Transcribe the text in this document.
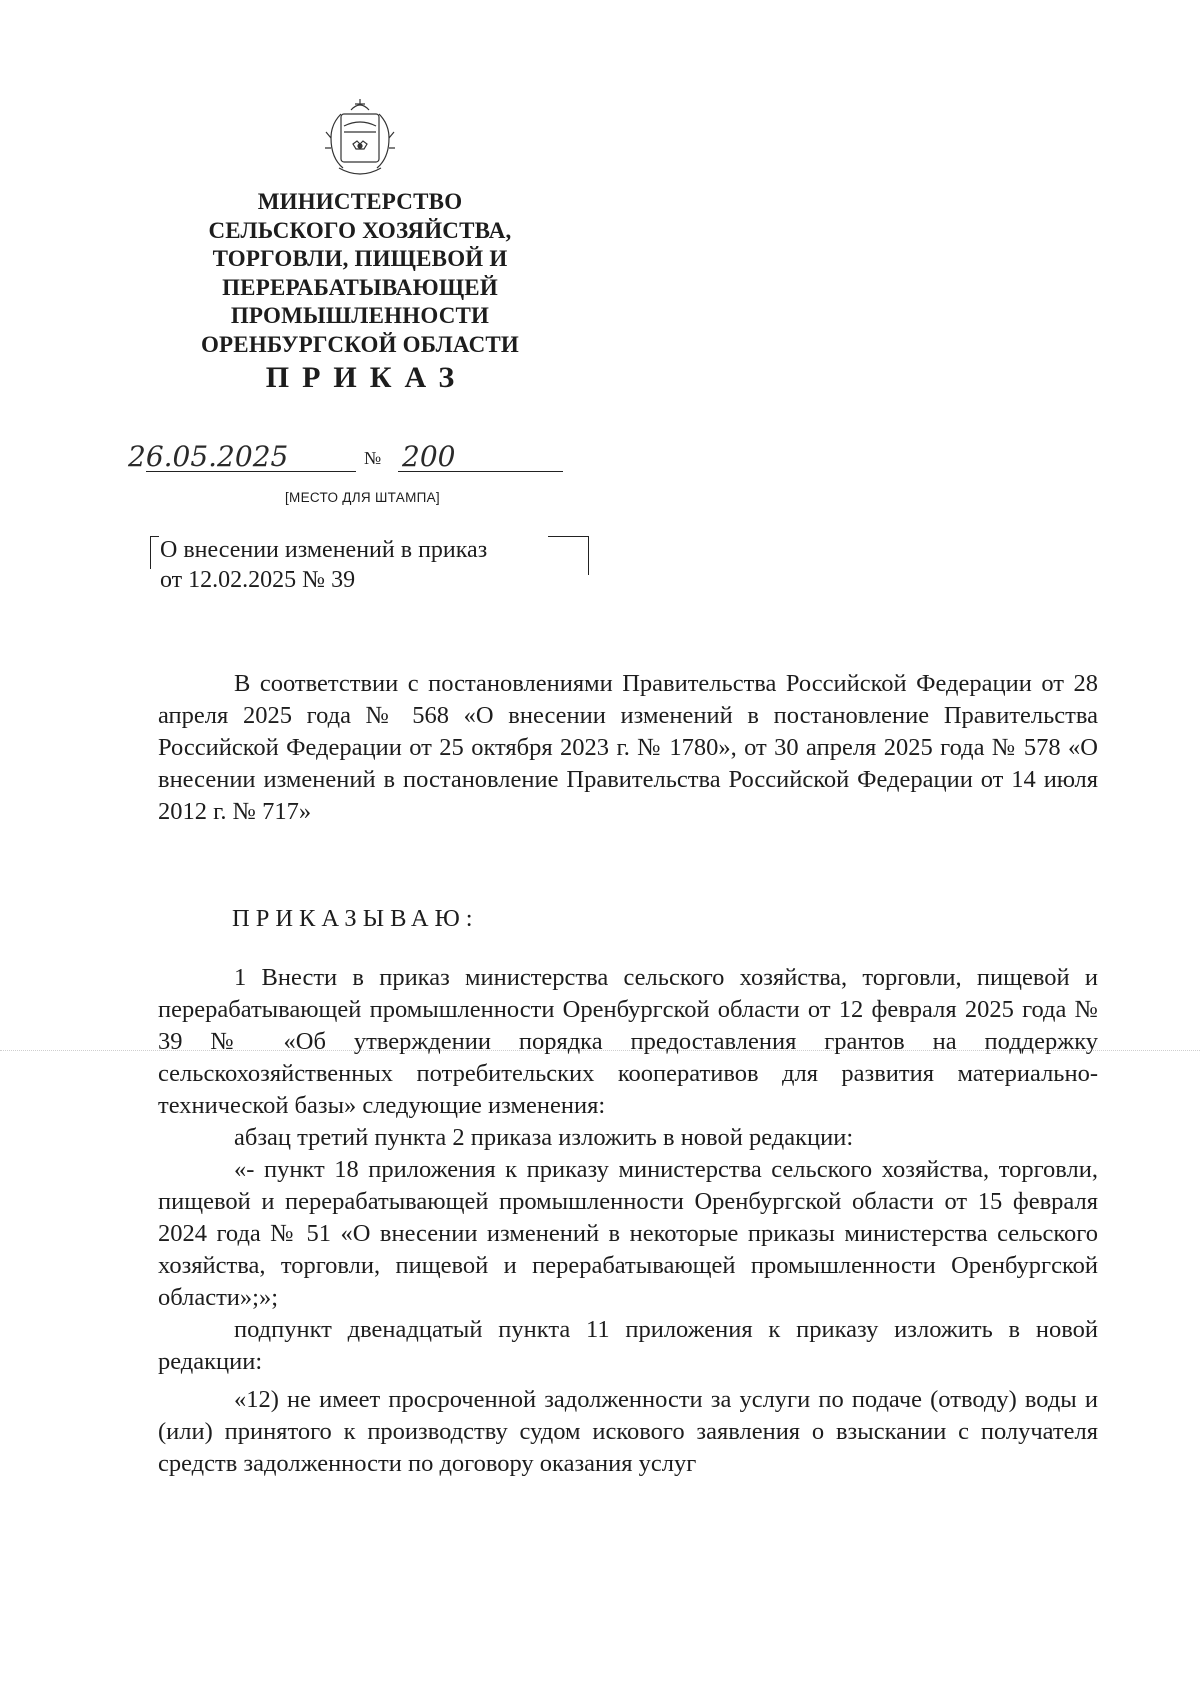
МИНИСТЕРСТВО
СЕЛЬСКОГО ХОЗЯЙСТВА,
ТОРГОВЛИ, ПИЩЕВОЙ И
ПЕРЕРАБАТЫВАЮЩЕЙ
ПРОМЫШЛЕННОСТИ
ОРЕНБУРГСКОЙ ОБЛАСТИ
ПРИКАЗ
26.05.2025	№ 200
[МЕСТО ДЛЯ ШТАМПА]
О внесении изменений в приказ
от 12.02.2025 № 39

В соответствии с постановлениями Правительства Российской Федерации от 28 апреля 2025 года № 568 «О внесении изменений в постановление Правительства Российской Федерации от 25 октября 2023 г. № 1780», от 30 апреля 2025 года № 578 «О внесении изменений в постановление Правительства Российской Федерации от 14 июля 2012 г. № 717»

ПРИКАЗЫВАЮ:

1 Внести в приказ министерства сельского хозяйства, торговли, пищевой и перерабатывающей промышленности Оренбургской области от 12 февраля 2025 года № 39 № «Об утверждении порядка предоставления грантов на поддержку сельскохозяйственных потребительских кооперативов для развития материально-технической базы» следующие изменения:

абзац третий пункта 2 приказа изложить в новой редакции:

«- пункт 18 приложения к приказу министерства сельского хозяйства, торговли, пищевой и перерабатывающей промышленности Оренбургской области от 15 февраля 2024 года № 51 «О внесении изменений в некоторые приказы министерства сельского хозяйства, торговли, пищевой и перерабатывающей промышленности Оренбургской области»;»;

подпункт двенадцатый пункта 11 приложения к приказу изложить в новой редакции:

«12) не имеет просроченной задолженности за услуги по подаче (отводу) воды и (или) принятого к производству судом искового заявления о взыскании с получателя средств задолженности по договору оказания услуг
